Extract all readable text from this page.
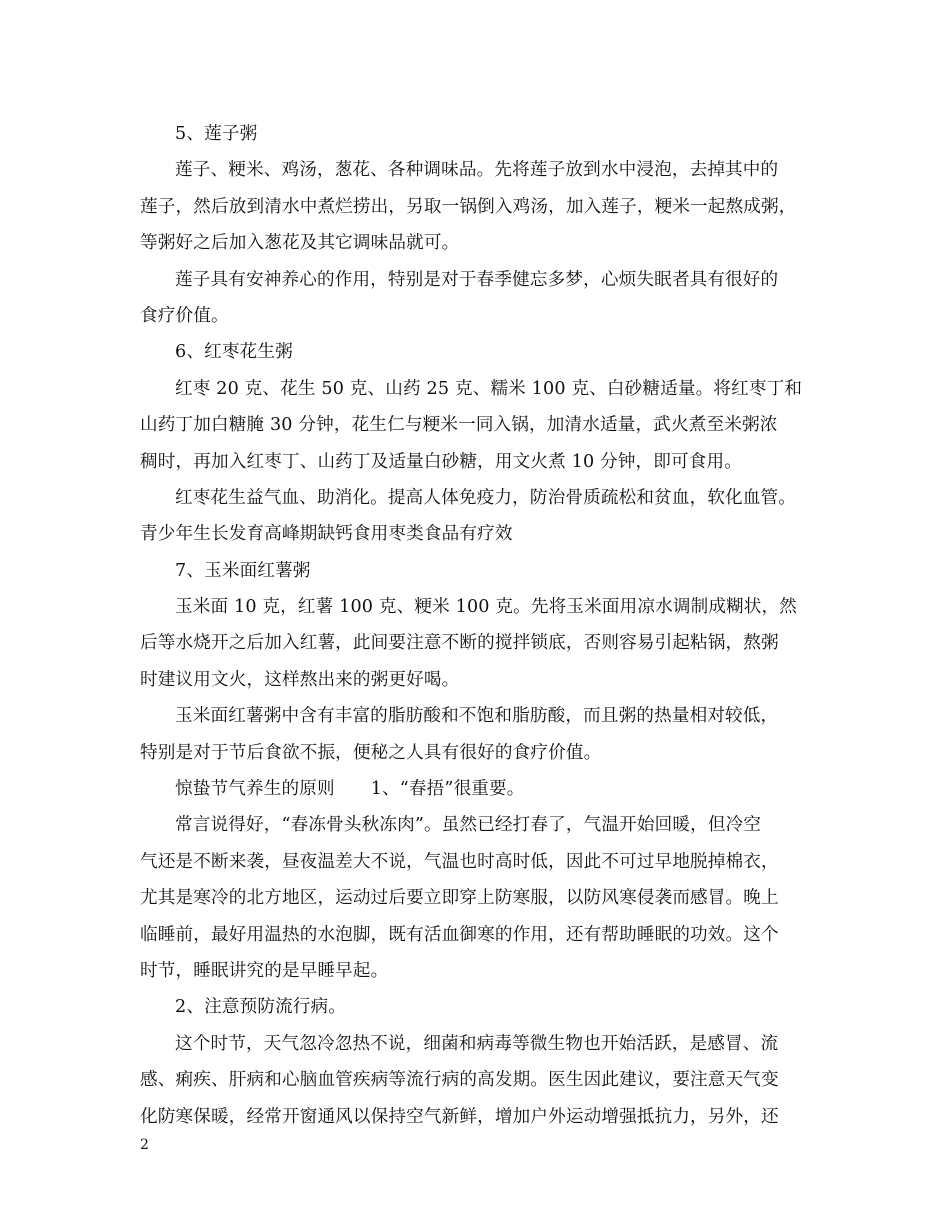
5、莲子粥
莲子、粳米、鸡汤，葱花、各种调味品。先将莲子放到水中浸泡，去掉其中的
莲子，然后放到清水中煮烂捞出，另取一锅倒入鸡汤，加入莲子，粳米一起熬成粥，
等粥好之后加入葱花及其它调味品就可。
莲子具有安神养心的作用，特别是对于春季健忘多梦，心烦失眠者具有很好的
食疗价值。
6、红枣花生粥
红枣 20 克、花生 50 克、山药 25 克、糯米 100 克、白砂糖适量。将红枣丁和
山药丁加白糖腌 30 分钟，花生仁与粳米一同入锅，加清水适量，武火煮至米粥浓
稠时，再加入红枣丁、山药丁及适量白砂糖，用文火煮 10 分钟，即可食用。
红枣花生益气血、助消化。提高人体免疫力，防治骨质疏松和贫血，软化血管。
青少年生长发育高峰期缺钙食用枣类食品有疗效
7、玉米面红薯粥
玉米面 10 克，红薯 100 克、粳米 100 克。先将玉米面用凉水调制成糊状，然
后等水烧开之后加入红薯，此间要注意不断的搅拌锁底，否则容易引起粘锅，熬粥
时建议用文火，这样熬出来的粥更好喝。
玉米面红薯粥中含有丰富的脂肪酸和不饱和脂肪酸，而且粥的热量相对较低，
特别是对于节后食欲不振，便秘之人具有很好的食疗价值。
惊蛰节气养生的原则 1、“春捂”很重要。
常言说得好，“春冻骨头秋冻肉”。虽然已经打春了，气温开始回暖，但冷空
气还是不断来袭，昼夜温差大不说，气温也时高时低，因此不可过早地脱掉棉衣，
尤其是寒冷的北方地区，运动过后要立即穿上防寒服，以防风寒侵袭而感冒。晚上
临睡前，最好用温热的水泡脚，既有活血御寒的作用，还有帮助睡眠的功效。这个
时节，睡眠讲究的是早睡早起。
2、注意预防流行病。
这个时节，天气忽冷忽热不说，细菌和病毒等微生物也开始活跃，是感冒、流
感、痢疾、肝病和心脑血管疾病等流行病的高发期。医生因此建议，要注意天气变
化防寒保暖，经常开窗通风以保持空气新鲜，增加户外运动增强抵抗力，另外，还
2
